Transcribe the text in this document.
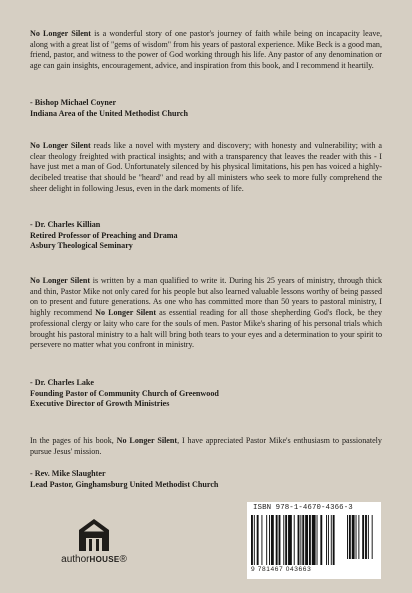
No Longer Silent is a wonderful story of one pastor's journey of faith while being on incapacity leave, along with a great list of "gems of wisdom" from his years of pastoral experience. Mike Beck is a good man, friend, pastor, and witness to the power of God working through his life. Any pastor of any denomination or age can gain insights, encouragement, advice, and inspiration from this book, and I recommend it heartily.

- Bishop Michael Coyner
Indiana Area of the United Methodist Church

No Longer Silent reads like a novel with mystery and discovery; with honesty and vulnerability; with a clear theology freighted with practical insights; and with a transparency that leaves the reader with this - I have just met a man of God. Unfortunately silenced by his physical limitations, his pen has voiced a highly-decibeled treatise that should be "heard" and read by all ministers who seek to more fully comprehend the sheer delight in following Jesus, even in the dark moments of life.

- Dr. Charles Killian
Retired Professor of Preaching and Drama
Asbury Theological Seminary

No Longer Silent is written by a man qualified to write it. During his 25 years of ministry, through thick and thin, Pastor Mike not only cared for his people but also learned valuable lessons worthy of being passed on to present and future generations. As one who has committed more than 50 years to pastoral ministry, I highly recommend No Longer Silent as essential reading for all those shepherding God's flock, be they professional clergy or laity who care for the souls of men. Pastor Mike's sharing of his personal trials which brought his pastoral ministry to a halt will bring both tears to your eyes and a determination to your spirit to persevere no matter what you confront in ministry.

- Dr. Charles Lake
Founding Pastor of Community Church of Greenwood
Executive Director of Growth Ministries

In the pages of his book, No Longer Silent, I have appreciated Pastor Mike's enthusiasm to passionately pursue Jesus' mission.

- Rev. Mike Slaughter
Lead Pastor, Ginghamsburg United Methodist Church
authorHOUSE®
ISBN 978-1-4670-4366-3
9 781467 043663
